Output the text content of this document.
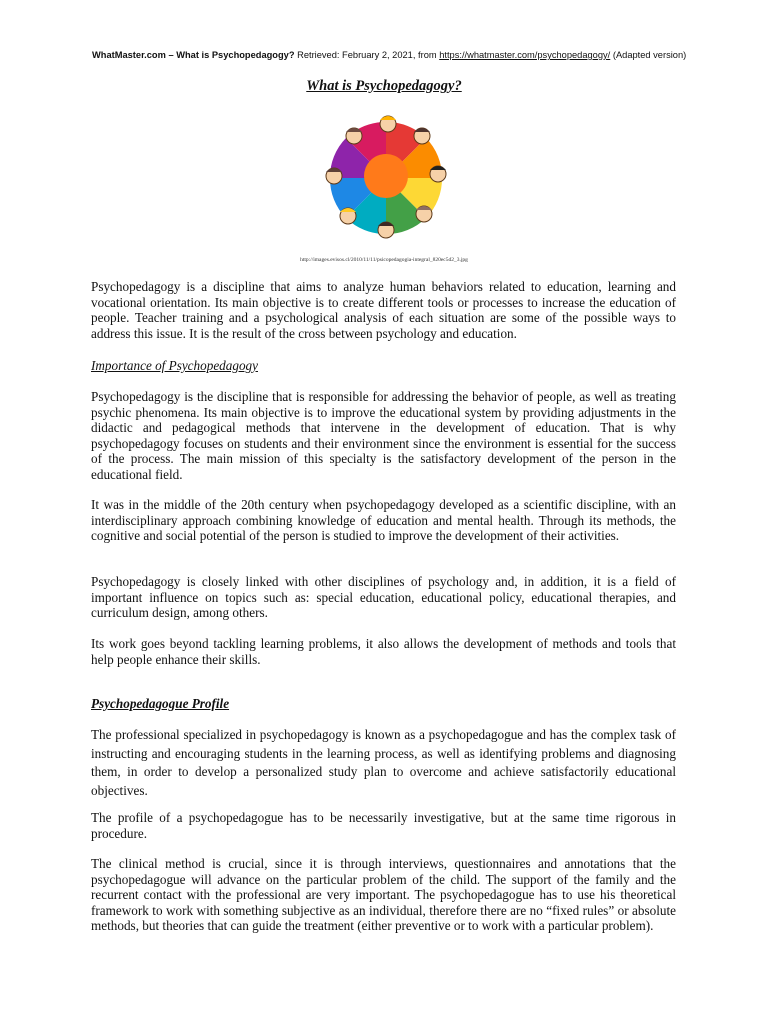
WhatMaster.com – What is Psychopedagogy? Retrieved: February 2, 2021, from https://whatmaster.com/psychopedagogy/ (Adapted version)
What is Psychopedagogy?
http://images.evisos.cl/2010/11/11/psicopedagogia-integral_820ec5d2_3.jpg

Psychopedagogy is a discipline that aims to analyze human behaviors related to education, learning and vocational orientation. Its main objective is to create different tools or processes to increase the education of people. Teacher training and a psychological analysis of each situation are some of the possible ways to address this issue. It is the result of the cross between psychology and education.

Importance of Psychopedagogy

Psychopedagogy is the discipline that is responsible for addressing the behavior of people, as well as treating psychic phenomena. Its main objective is to improve the educational system by providing adjustments in the didactic and pedagogical methods that intervene in the development of education. That is why psychopedagogy focuses on students and their environment since the environment is essential for the success of the process. The main mission of this specialty is the satisfactory development of the person in the educational field.

It was in the middle of the 20th century when psychopedagogy developed as a scientific discipline, with an interdisciplinary approach combining knowledge of education and mental health. Through its methods, the cognitive and social potential of the person is studied to improve the development of their activities.

Psychopedagogy is closely linked with other disciplines of psychology and, in addition, it is a field of important influence on topics such as: special education, educational policy, educational therapies, and curriculum design, among others.

Its work goes beyond tackling learning problems, it also allows the development of methods and tools that help people enhance their skills.

Psychopedagogue Profile

The professional specialized in psychopedagogy is known as a psychopedagogue and has the complex task of instructing and encouraging students in the learning process, as well as identifying problems and diagnosing them, in order to develop a personalized study plan to overcome and achieve satisfactorily educational objectives.

The profile of a psychopedagogue has to be necessarily investigative, but at the same time rigorous in procedure.

The clinical method is crucial, since it is through interviews, questionnaires and annotations that the psychopedagogue will advance on the particular problem of the child. The support of the family and the recurrent contact with the professional are very important. The psychopedagogue has to use his theoretical framework to work with something subjective as an individual, therefore there are no “fixed rules” or absolute methods, but theories that can guide the treatment (either preventive or to work with a particular problem).
